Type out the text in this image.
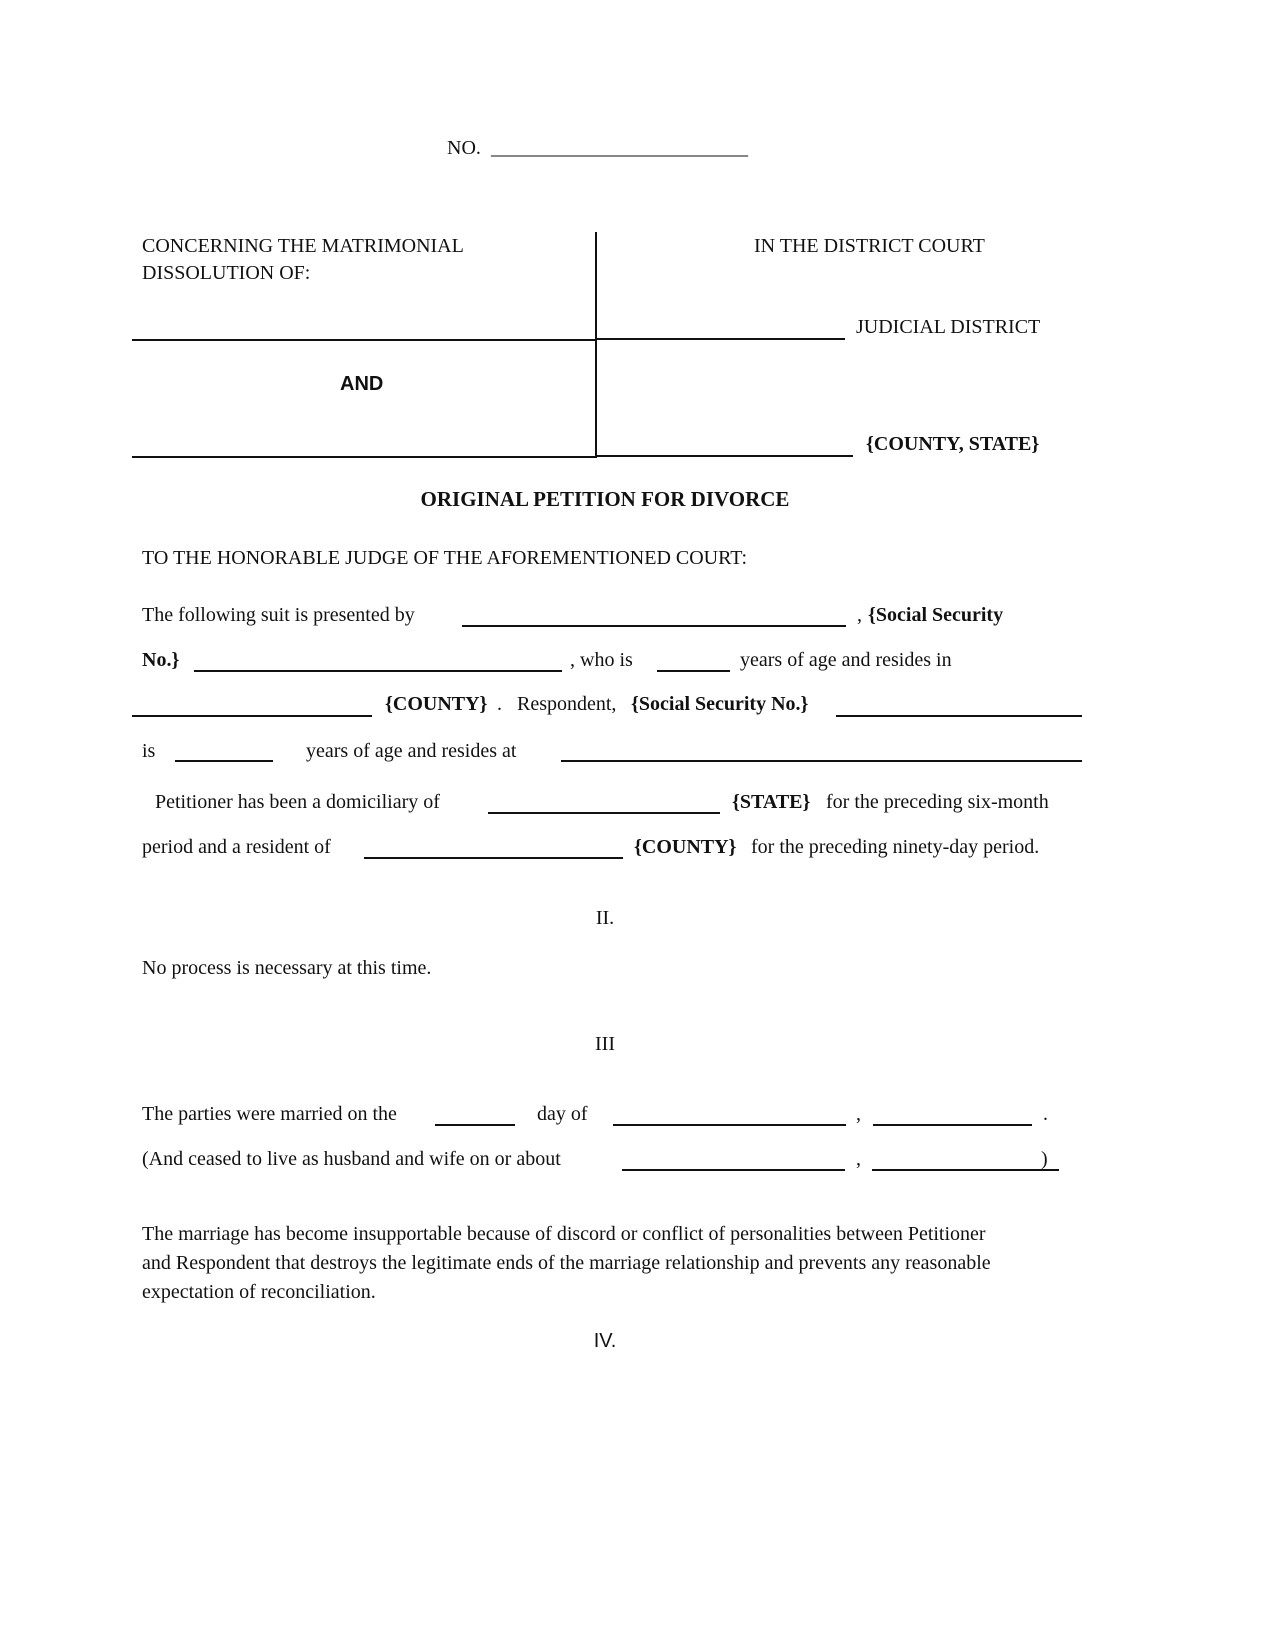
NO. ___________________________
CONCERNING THE MATRIMONIAL
DISSOLUTION OF:
AND
IN THE DISTRICT COURT
JUDICIAL DISTRICT
{COUNTY, STATE}
ORIGINAL PETITION FOR DIVORCE
TO THE HONORABLE JUDGE OF THE AFOREMENTIONED COURT:
The following suit is presented by	, {Social Security
No.}	, who is	years of age and resides in
{COUNTY} . Respondent, {Social Security No.}
is	years of age and resides at
Petitioner has been a domiciliary of	{STATE} for the preceding six-month
period and a resident of	{COUNTY} for the preceding ninety-day period.
II.
No process is necessary at this time.
III
The parties were married on the	day of	,	.
(And ceased to live as husband and wife on or about	,	)
The marriage has become insupportable because of discord or conflict of personalities between Petitioner
and Respondent that destroys the legitimate ends of the marriage relationship and prevents any reasonable
expectation of reconciliation.
IV.
